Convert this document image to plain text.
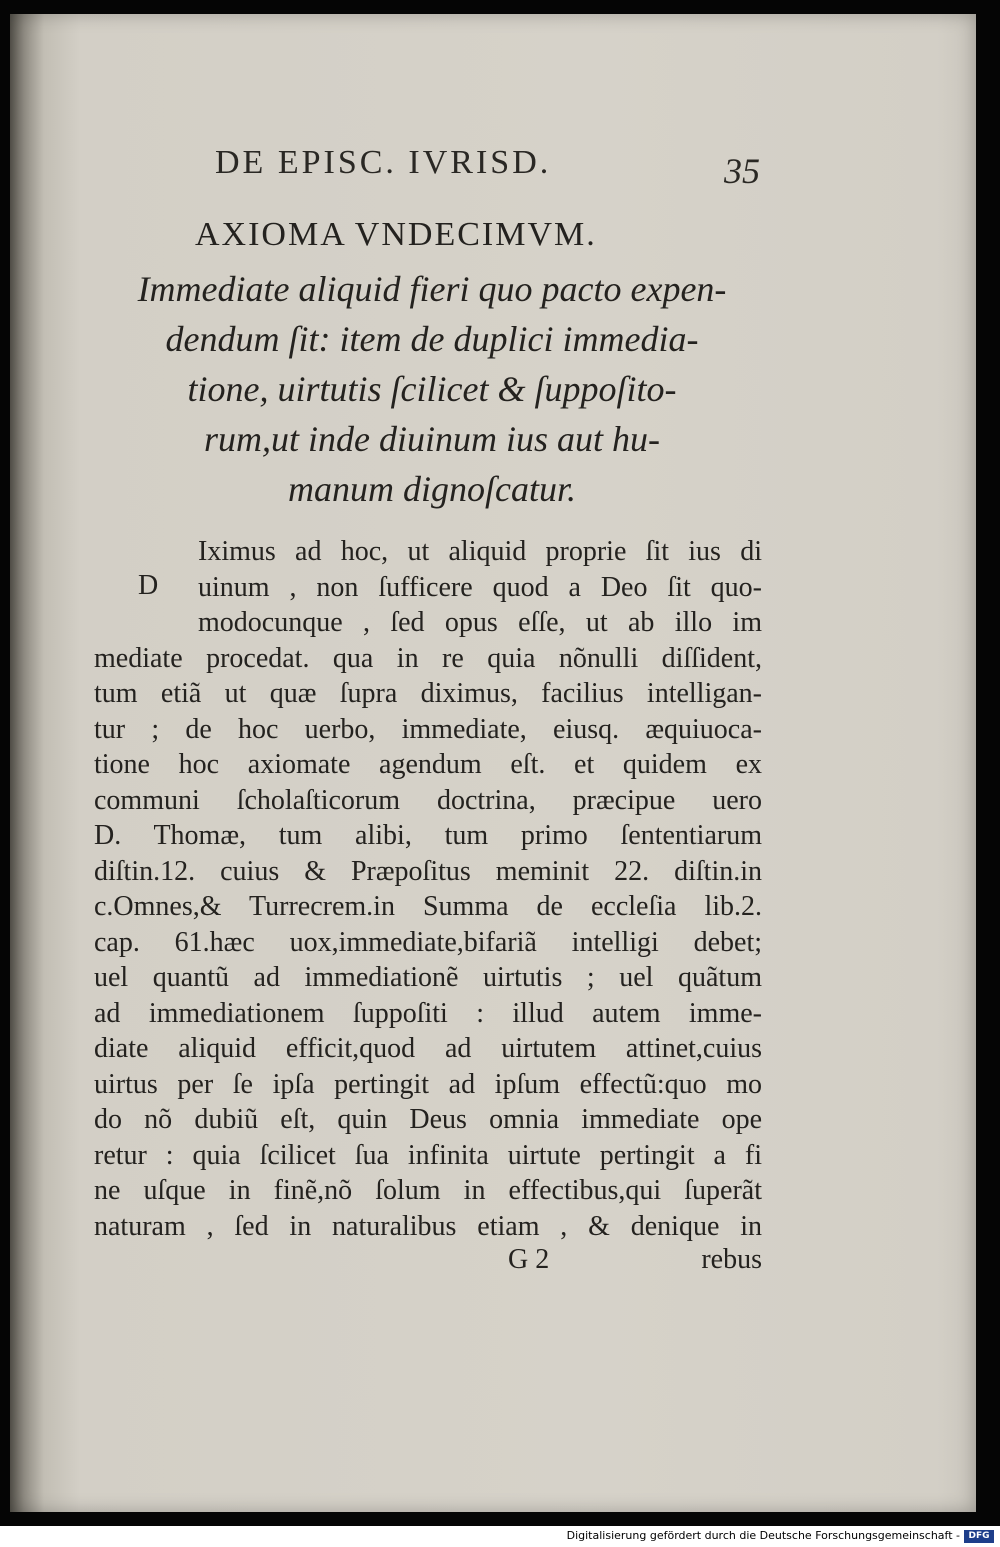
DE EPISC. IVRISD.	35
AXIOMA VNDECIMVM.
Immediate aliquid fieri quo pacto expen-
dendum ſit: item de duplici immedia-
tione, uirtutis ſcilicet & ſuppoſito-
rum,ut inde diuinum ius aut hu-
manum dignoſcatur.
D
Iximus ad hoc, ut aliquid proprie ſit ius di
uinum , non ſufficere quod a Deo ſit quo-
modocunque , ſed opus eſſe, ut ab illo im
mediate procedat. qua in re quia nõnulli diſſident,
tum etiã ut quæ ſupra diximus, facilius intelligan-
tur ; de hoc uerbo, immediate, eiusq. æquiuoca-
tione hoc axiomate agendum eſt. et quidem ex
communi ſcholaſticorum doctrina, præcipue uero
D. Thomæ, tum alibi, tum primo ſententiarum
diſtin.12. cuius & Præpoſitus meminit 22. diſtin.in
c.Omnes,& Turrecrem.in Summa de eccleſia lib.2.
cap. 61.hæc uox,immediate,bifariã intelligi debet;
uel quantũ ad immediationẽ uirtutis ; uel quãtum
ad immediationem ſuppoſiti : illud autem imme-
diate aliquid efficit,quod ad uirtutem attinet,cuius
uirtus per ſe ipſa pertingit ad ipſum effectũ:quo mo
do nõ dubiũ eſt, quin Deus omnia immediate ope
retur : quia ſcilicet ſua infinita uirtute pertingit a fi
ne uſque in finẽ,nõ ſolum in effectibus,qui ſuperãt
naturam , ſed in naturalibus etiam , & denique in
G 2	rebus
Digitalisierung gefördert durch die Deutsche Forschungsgemeinschaft - DFG
